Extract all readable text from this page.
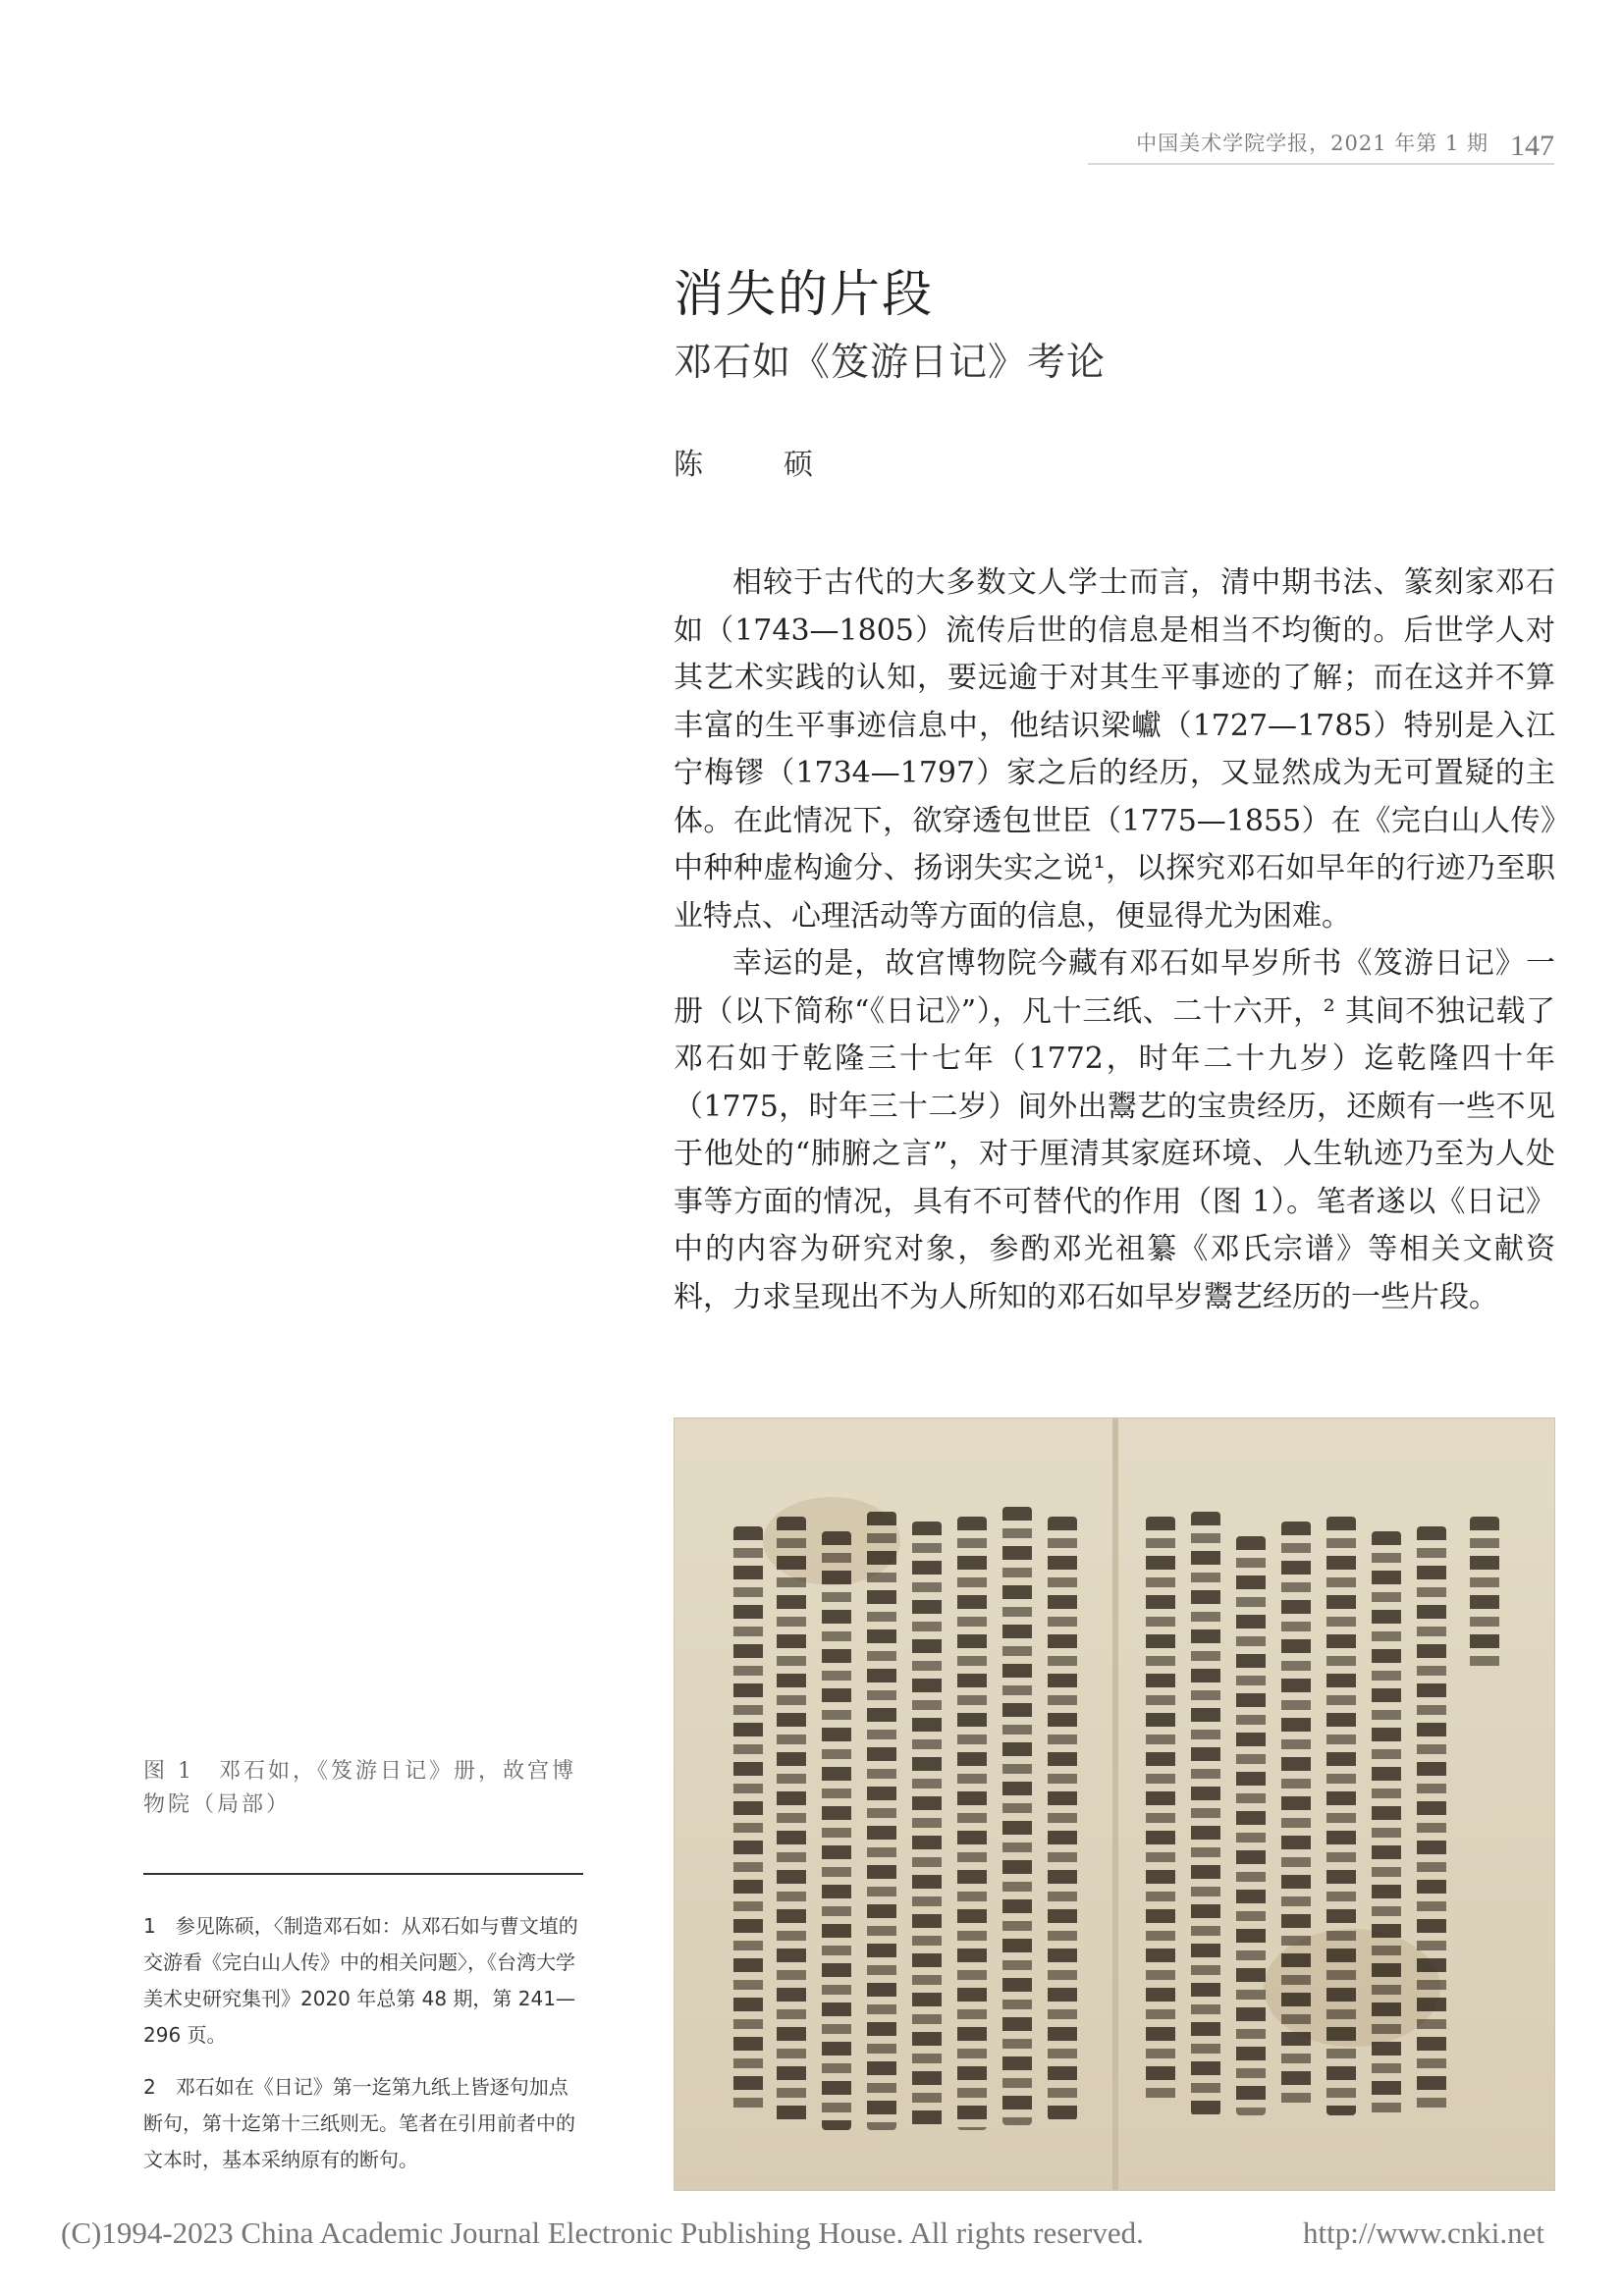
中国美术学院学报，2021 年第 1 期 147
消失的片段
邓石如《笈游日记》考论
陈　硕

相较于古代的大多数文人学士而言，清中期书法、篆刻家邓石如（1743—1805）流传后世的信息是相当不均衡的。后世学人对其艺术实践的认知，要远逾于对其生平事迹的了解；而在这并不算丰富的生平事迹信息中，他结识梁巘（1727—1785）特别是入江宁梅镠（1734—1797）家之后的经历，又显然成为无可置疑的主体。在此情况下，欲穿透包世臣（1775—1855）在《完白山人传》中种种虚构逾分、扬诩失实之说¹，以探究邓石如早年的行迹乃至职业特点、心理活动等方面的信息，便显得尤为困难。

幸运的是，故宫博物院今藏有邓石如早岁所书《笈游日记》一册（以下简称“《日记》”），凡十三纸、二十六开，² 其间不独记载了邓石如于乾隆三十七年（1772，时年二十九岁）迄乾隆四十年（1775，时年三十二岁）间外出鬻艺的宝贵经历，还颇有一些不见于他处的“肺腑之言”，对于厘清其家庭环境、人生轨迹乃至为人处事等方面的情况，具有不可替代的作用（图 1）。笔者遂以《日记》中的内容为研究对象，参酌邓光祖纂《邓氏宗谱》等相关文献资料，力求呈现出不为人所知的邓石如早岁鬻艺经历的一些片段。

图 1　邓石如，《笈游日记》册，故宫博物院（局部）

1　参见陈硕，〈制造邓石如：从邓石如与曹文埴的交游看《完白山人传》中的相关问题〉，《台湾大学美术史研究集刊》2020 年总第 48 期，第 241—296 页。

2　邓石如在《日记》第一迄第九纸上皆逐句加点断句，第十迄第十三纸则无。笔者在引用前者中的文本时，基本采纳原有的断句。

(C)1994-2023 China Academic Journal Electronic Publishing House. All rights reserved.	http://www.cnki.net
